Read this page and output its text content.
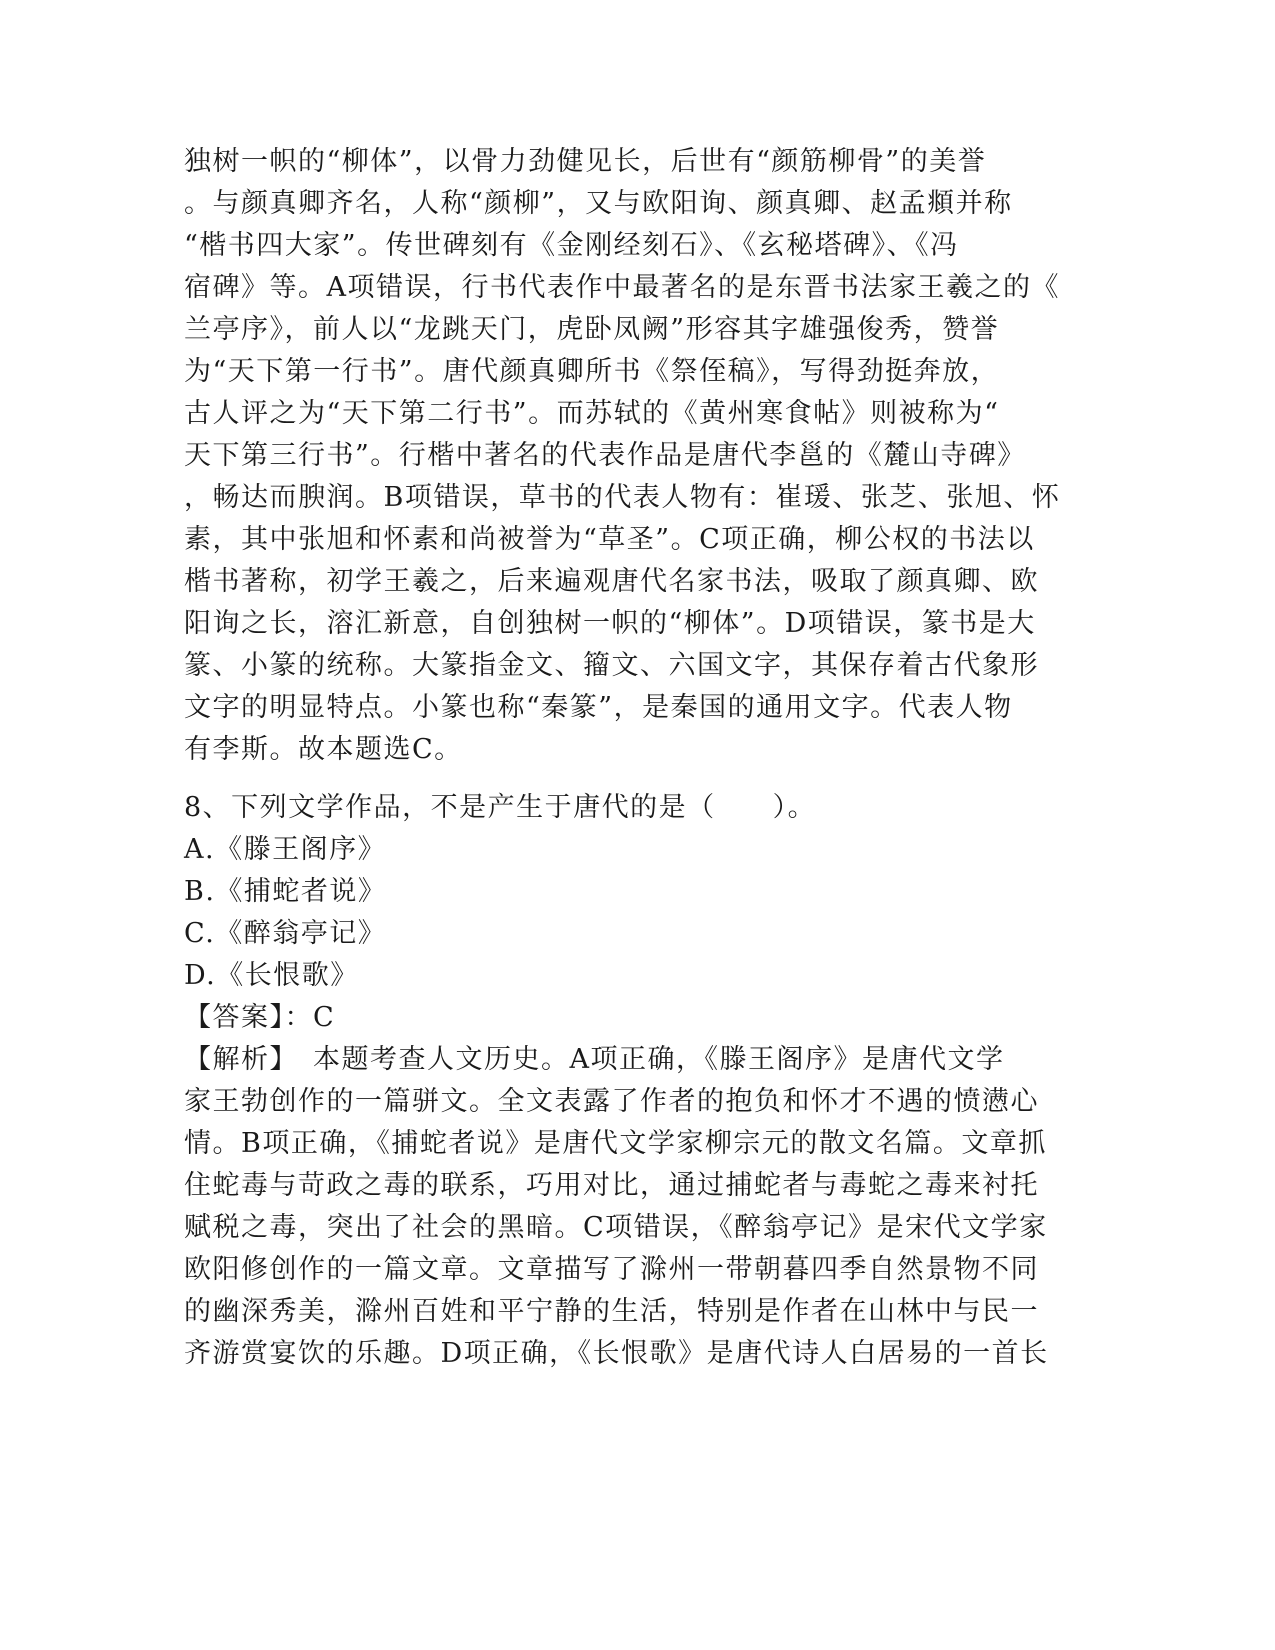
独树一帜的“柳体”，以骨力劲健见长，后世有“颜筋柳骨”的美誉
。与颜真卿齐名，人称“颜柳”，又与欧阳询、颜真卿、赵孟頫并称
“楷书四大家”。传世碑刻有《金刚经刻石》、《玄秘塔碑》、《冯
宿碑》等。A项错误，行书代表作中最著名的是东晋书法家王羲之的《
兰亭序》，前人以“龙跳天门，虎卧凤阙”形容其字雄强俊秀，赞誉
为“天下第一行书”。唐代颜真卿所书《祭侄稿》，写得劲挺奔放，
古人评之为“天下第二行书”。而苏轼的《黄州寒食帖》则被称为“
天下第三行书”。行楷中著名的代表作品是唐代李邕的《麓山寺碑》
，畅达而腴润。B项错误，草书的代表人物有：崔瑗、张芝、张旭、怀
素，其中张旭和怀素和尚被誉为“草圣”。C项正确，柳公权的书法以
楷书著称，初学王羲之，后来遍观唐代名家书法，吸取了颜真卿、欧
阳询之长，溶汇新意，自创独树一帜的“柳体”。D项错误，篆书是大
篆、小篆的统称。大篆指金文、籀文、六国文字，其保存着古代象形
文字的明显特点。小篆也称“秦篆”，是秦国的通用文字。代表人物
有李斯。故本题选C。
8、下列文学作品，不是产生于唐代的是（　　）。
A.《滕王阁序》
B.《捕蛇者说》
C.《醉翁亭记》
D.《长恨歌》
【答案】：C
【解析】　本题考查人文历史。A项正确，《滕王阁序》是唐代文学
家王勃创作的一篇骈文。全文表露了作者的抱负和怀才不遇的愤懑心
情。B项正确，《捕蛇者说》是唐代文学家柳宗元的散文名篇。文章抓
住蛇毒与苛政之毒的联系，巧用对比，通过捕蛇者与毒蛇之毒来衬托
赋税之毒，突出了社会的黑暗。C项错误，《醉翁亭记》是宋代文学家
欧阳修创作的一篇文章。文章描写了滁州一带朝暮四季自然景物不同
的幽深秀美，滁州百姓和平宁静的生活，特别是作者在山林中与民一
齐游赏宴饮的乐趣。D项正确，《长恨歌》是唐代诗人白居易的一首长
